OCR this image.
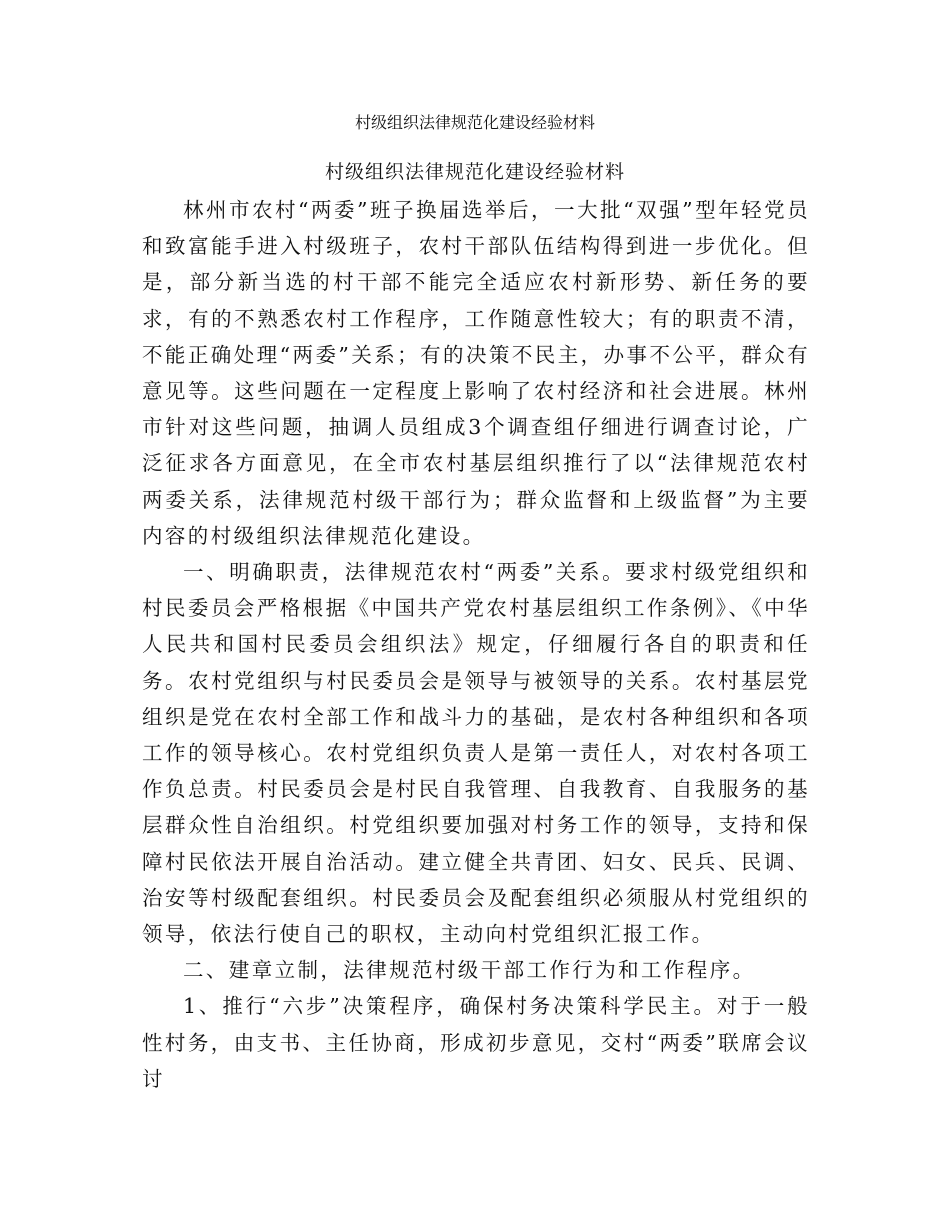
村级组织法律规范化建设经验材料
村级组织法律规范化建设经验材料

林州市农村“两委”班子换届选举后，一大批“双强”型年轻党员和致富能手进入村级班子，农村干部队伍结构得到进一步优化。但是，部分新当选的村干部不能完全适应农村新形势、新任务的要求，有的不熟悉农村工作程序，工作随意性较大；有的职责不清，不能正确处理“两委”关系；有的决策不民主，办事不公平，群众有意见等。这些问题在一定程度上影响了农村经济和社会进展。林州市针对这些问题，抽调人员组成3个调查组仔细进行调查讨论，广泛征求各方面意见，在全市农村基层组织推行了以“法律规范农村两委关系，法律规范村级干部行为；群众监督和上级监督”为主要内容的村级组织法律规范化建设。

一、明确职责，法律规范农村“两委”关系。要求村级党组织和村民委员会严格根据《中国共产党农村基层组织工作条例》、《中华人民共和国村民委员会组织法》规定，仔细履行各自的职责和任务。农村党组织与村民委员会是领导与被领导的关系。农村基层党组织是党在农村全部工作和战斗力的基础，是农村各种组织和各项工作的领导核心。农村党组织负责人是第一责任人，对农村各项工作负总责。村民委员会是村民自我管理、自我教育、自我服务的基层群众性自治组织。村党组织要加强对村务工作的领导，支持和保障村民依法开展自治活动。建立健全共青团、妇女、民兵、民调、治安等村级配套组织。村民委员会及配套组织必须服从村党组织的领导，依法行使自己的职权，主动向村党组织汇报工作。

二、建章立制，法律规范村级干部工作行为和工作程序。

1、推行“六步”决策程序，确保村务决策科学民主。对于一般性村务，由支书、主任协商，形成初步意见，交村“两委”联席会议讨
